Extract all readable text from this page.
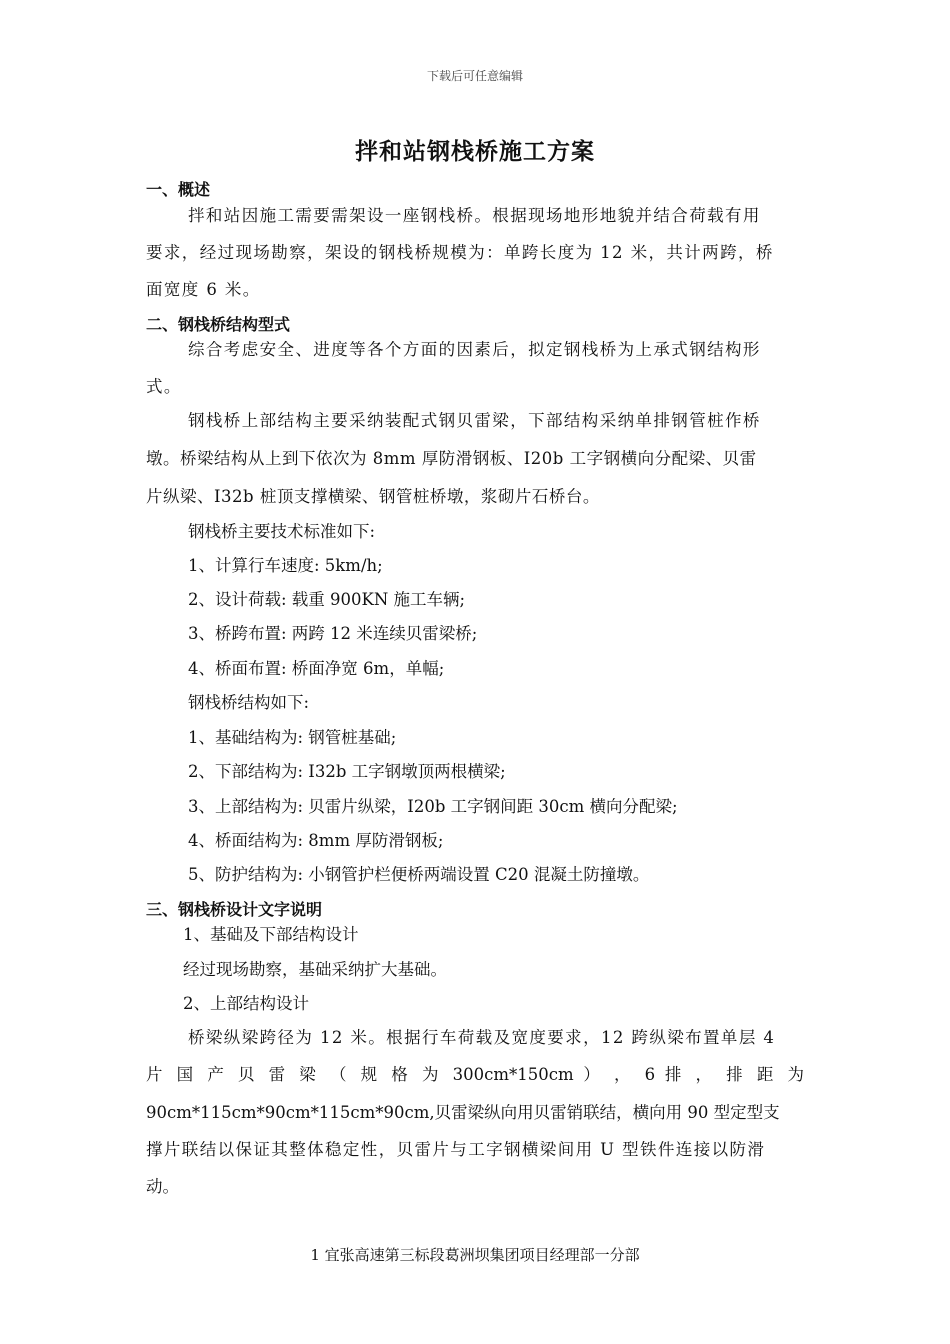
下载后可任意编辑
拌和站钢栈桥施工方案
一、概述
拌和站因施工需要需架设一座钢栈桥。根据现场地形地貌并结合荷载有用
要求，经过现场勘察，架设的钢栈桥规模为：单跨长度为 12 米，共计两跨，桥
面宽度 6 米。
二、钢栈桥结构型式
综合考虑安全、进度等各个方面的因素后，拟定钢栈桥为上承式钢结构形
式。
钢栈桥上部结构主要采纳装配式钢贝雷梁，下部结构采纳单排钢管桩作桥
墩。桥梁结构从上到下依次为 8mm 厚防滑钢板、I20b 工字钢横向分配梁、贝雷
片纵梁、I32b 桩顶支撑横梁、钢管桩桥墩，浆砌片石桥台。
钢栈桥主要技术标准如下:
1、计算行车速度: 5km/h;
2、设计荷载: 载重 900KN 施工车辆;
3、桥跨布置: 两跨 12 米连续贝雷梁桥;
4、桥面布置: 桥面净宽 6m，单幅;
钢栈桥结构如下:
1、基础结构为: 钢管桩基础;
2、下部结构为: I32b 工字钢墩顶两根横梁;
3、上部结构为: 贝雷片纵梁，I20b 工字钢间距 30cm 横向分配梁;
4、桥面结构为: 8mm 厚防滑钢板;
5、防护结构为: 小钢管护栏便桥两端设置 C20 混凝土防撞墩。
三、钢栈桥设计文字说明
1、基础及下部结构设计
经过现场勘察，基础采纳扩大基础。
2、上部结构设计
桥梁纵梁跨径为 12 米。根据行车荷载及宽度要求，12 跨纵梁布置单层 4
片 国 产 贝 雷 梁 （ 规 格 为 300cm*150cm ） ， 6 排 ， 排 距 为
90cm*115cm*90cm*115cm*90cm,贝雷梁纵向用贝雷销联结，横向用 90 型定型支
撑片联结以保证其整体稳定性，贝雷片与工字钢横梁间用 U 型铁件连接以防滑
动。
1 宜张高速第三标段葛洲坝集团项目经理部一分部
